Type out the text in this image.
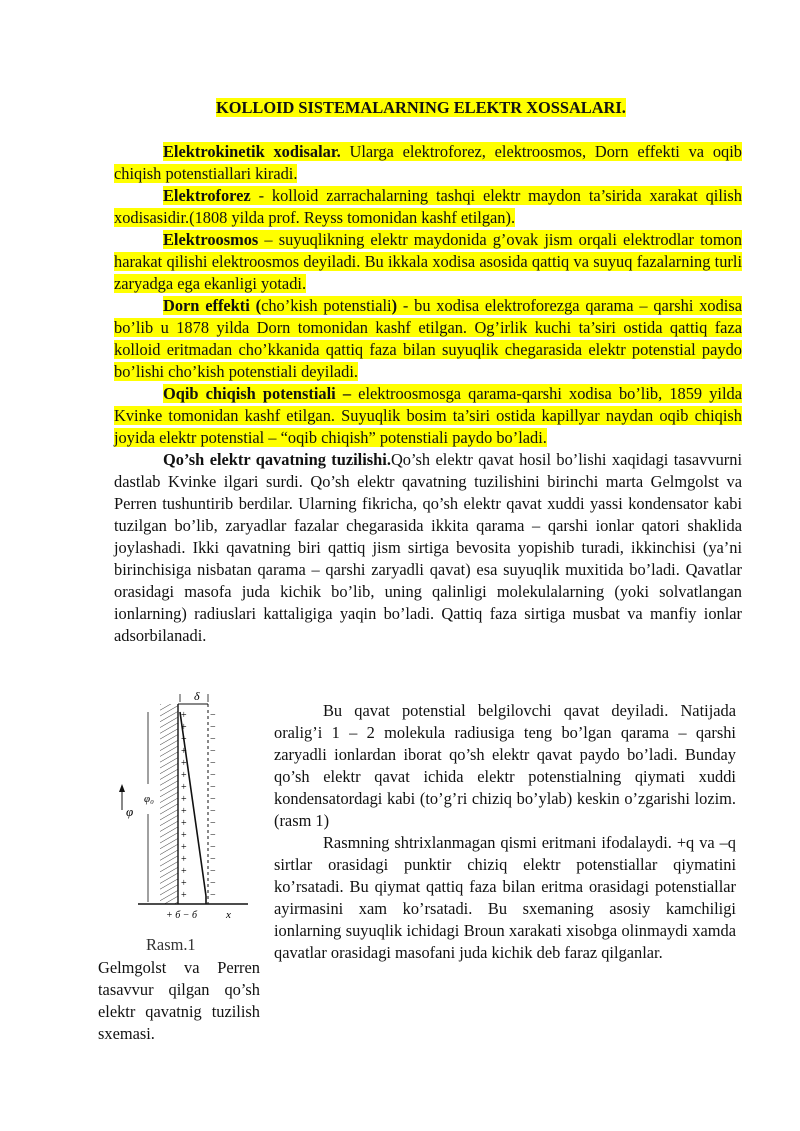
KOLLOID SISTEMALARNING ELEKTR XOSSALARI.

Elektrokinetik xodisalar. Ularga elektroforez, elektroosmos, Dorn effekti va oqib chiqish potenstiallari kiradi.

Elektroforez - kolloid zarrachalarning tashqi elektr maydon ta’sirida xarakat qilish xodisasidir.(1808 yilda prof. Reyss tomonidan kashf etilgan).

Elektroosmos – suyuqlikning elektr maydonida g’ovak jism orqali elektrodlar tomon harakat qilishi elektroosmos deyiladi. Bu ikkala xodisa asosida qattiq va suyuq fazalarning turli zaryadga ega ekanligi yotadi.

Dorn effekti (cho’kish potenstiali) - bu xodisa elektroforezga qarama – qarshi xodisa bo’lib u 1878 yilda Dorn tomonidan kashf etilgan. Og’irlik kuchi ta’siri ostida qattiq faza kolloid eritmadan cho’kkanida qattiq faza bilan suyuqlik chegarasida elektr potenstial paydo bo’lishi cho’kish potenstiali deyiladi.

Oqib chiqish potenstiali – elektroosmosga qarama-qarshi xodisa bo’lib, 1859 yilda Kvinke tomonidan kashf etilgan. Suyuqlik bosim ta’siri ostida kapillyar naydan oqib chiqish joyida elektr potenstial – “oqib chiqish” potenstiali paydo bo’ladi.

Qo’sh elektr qavatning tuzilishi.Qo’sh elektr qavat hosil bo’lishi xaqidagi tasavvurni dastlab Kvinke ilgari surdi. Qo’sh elektr qavatning tuzilishini birinchi marta Gelmgolst va Perren tushuntirib berdilar. Ularning fikricha, qo’sh elektr qavat xuddi yassi kondensator kabi tuzilgan bo’lib, zaryadlar fazalar chegarasida ikkita qarama – qarshi ionlar qatori shaklida joylashadi. Ikki qavatning biri qattiq jism sirtiga bevosita yopishib turadi, ikkinchisi (ya’ni birinchisiga nisbatan qarama – qarshi zaryadli qavat) esa suyuqlik muxitida bo’ladi. Qavatlar orasidagi masofa juda kichik bo’lib, uning qalinligi molekulalarning (yoki solvatlangan ionlarning) radiuslari kattaligiga yaqin bo’ladi. Qattiq faza sirtiga musbat va manfiy ionlar adsorbilanadi.

+
+
+
+
+
+
+
+
+
+
+
+
+
+
+
+
−
−
−
−
−
−
−
−
−
−
−
−
−
−
−
−
δ
φ
φ₀
+ б − б	x
Rasm.1
Gelmgolst va Perren tasavvur qilgan qo’sh elektr qavatnig tuzilish sxemasi.

Bu qavat potenstial belgilovchi qavat deyiladi. Natijada oralig’i 1 – 2 molekula radiusiga teng bo’lgan qarama – qarshi zaryadli ionlardan iborat qo’sh elektr qavat paydo bo’ladi. Bunday qo’sh elektr qavat ichida elektr potenstialning qiymati xuddi kondensatordagi kabi (to’g’ri chiziq bo’ylab) keskin o’zgarishi lozim.(rasm 1)

Rasmning shtrixlanmagan qismi eritmani ifodalaydi. +q va –q sirtlar orasidagi punktir chiziq elektr potenstiallar qiymatini ko’rsatadi. Bu qiymat qattiq faza bilan eritma orasidagi potenstiallar ayirmasini xam ko’rsatadi. Bu sxemaning asosiy kamchiligi ionlarning suyuqlik ichidagi Broun xarakati xisobga olinmaydi xamda qavatlar orasidagi masofani juda kichik deb faraz qilganlar.
